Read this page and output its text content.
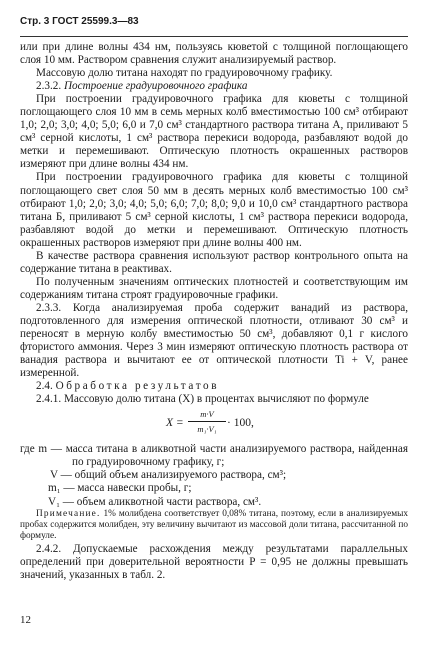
Стр. 3 ГОСТ 25599.3—83

или при длине волны 434 нм, пользуясь кюветой с толщиной поглощающего слоя 10 мм. Раствором сравнения служит анализируемый раствор.

Массовую долю титана находят по градуировочному графику.

2.3.2. Построение градуировочного графика

При построении градуировочного графика для кюветы с толщиной поглощающего слоя 10 мм в семь мерных колб вместимостью 100 см³ отбирают 1,0; 2,0; 3,0; 4,0; 5,0; 6,0 и 7,0 см³ стандартного раствора титана А, приливают 5 см³ серной кислоты, 1 см³ раствора перекиси водорода, разбавляют водой до метки и перемешивают. Оптическую плотность окрашенных растворов измеряют при длине волны 434 нм.

При построении градуировочного графика для кюветы с толщиной поглощающего свет слоя 50 мм в десять мерных колб вместимостью 100 см³ отбирают 1,0; 2,0; 3,0; 4,0; 5,0; 6,0; 7,0; 8,0; 9,0 и 10,0 см³ стандартного раствора титана Б, приливают 5 см³ серной кислоты, 1 см³ раствора перекиси водорода, разбавляют водой до метки и перемешивают. Оптическую плотность окрашенных растворов измеряют при длине волны 400 нм.

В качестве раствора сравнения используют раствор контрольного опыта на содержание титана в реактивах.

По полученным значениям оптических плотностей и соответствующим им содержаниям титана строят градуировочные графики.

2.3.3. Когда анализируемая проба содержит ванадий из раствора, подготовленного для измерения оптической плотности, отливают 30 см³ и переносят в мерную колбу вместимостью 50 см³, добавляют 0,1 г кислого фтористого аммония. Через 3 мин измеряют оптическую плотность раствора от ванадия раствора и вычитают ее от оптической плотности Ti + V, ранее измеренной.

2.4. Обработка результатов

2.4.1. Массовую долю титана (X) в процентах вычисляют по формуле

X =
m·V
m₁·V₁ · 100,

где m — масса титана в аликвотной части анализируемого раствора, найденная по градуировочному графику, г;

V — общий объем анализируемого раствора, см³;

m₁ — масса навески пробы, г;

V₁ — объем аликвотной части раствора, см³.

Примечание. 1% молибдена соответствует 0,08% титана, поэтому, если в анализируемых пробах содержится молибден, эту величину вычитают из массовой доли титана, рассчитанной по формуле.

2.4.2. Допускаемые расхождения между результатами параллельных определений при доверительной вероятности P = 0,95 не должны превышать значений, указанных в табл. 2.

12
